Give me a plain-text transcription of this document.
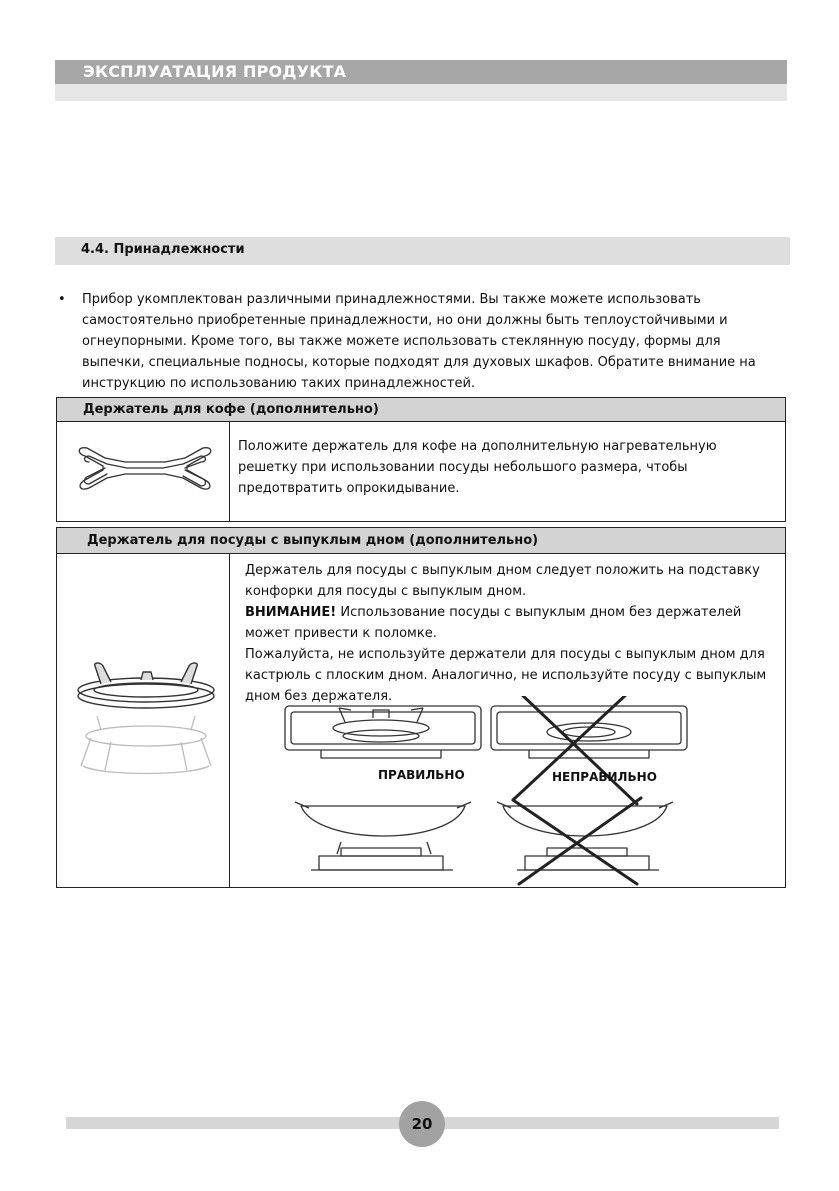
ЭКСПЛУАТАЦИЯ ПРОДУКТА
4.4. Принадлежности
• Прибор укомплектован различными принадлежностями. Вы также можете использовать самостоятельно приобретенные принадлежности, но они должны быть теплоустойчивыми и огнеупорными. Кроме того, вы также можете использовать стеклянную посуду, формы для выпечки, специальные подносы, которые подходят для духовых шкафов. Обратите внимание на инструкцию по использованию таких принадлежностей.
Держатель для кофе (дополнительно)
Положите держатель для кофе на дополнительную нагревательную решетку при использовании посуды небольшого размера, чтобы предотвратить опрокидывание.
Держатель для посуды с выпуклым дном (дополнительно)
Держатель для посуды с выпуклым дном следует положить на подставку конфорки для посуды с выпуклым дном.
ВНИМАНИЕ! Использование посуды с выпуклым дном без держателей может привести к поломке.
Пожалуйста, не используйте держатели для посуды с выпуклым дном для кастрюль с плоским дном. Аналогично, не используйте посуду с выпуклым дном без держателя.
ПРАВИЛЬНО	НЕПРАВИЛЬНО
20
